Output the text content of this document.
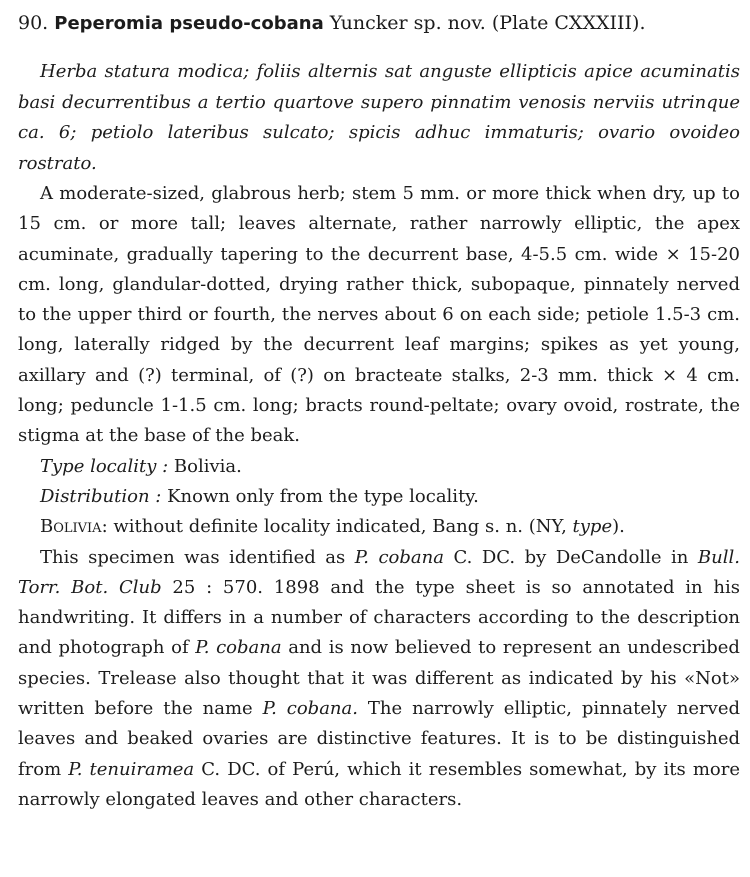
90. Peperomia pseudo-cobana Yuncker sp. nov. (Plate CXXXIII).

Herba statura modica; foliis alternis sat anguste ellipticis apice acuminatis basi decurrentibus a tertio quartove supero pinnatim venosis nerviis utrinque ca. 6; petiolo lateribus sulcato; spicis adhuc immaturis; ovario ovoideo rostrato.

A moderate-sized, glabrous herb; stem 5 mm. or more thick when dry, up to 15 cm. or more tall; leaves alternate, rather narrowly elliptic, the apex acuminate, gradually tapering to the decurrent base, 4-5.5 cm. wide × 15-20 cm. long, glandular-dotted, drying rather thick, subopaque, pinnately nerved to the upper third or fourth, the nerves about 6 on each side; petiole 1.5-3 cm. long, laterally ridged by the decurrent leaf margins; spikes as yet young, axillary and (?) terminal, of (?) on bracteate stalks, 2-3 mm. thick × 4 cm. long; peduncle 1-1.5 cm. long; bracts round-peltate; ovary ovoid, rostrate, the stigma at the base of the beak.

Type locality : Bolivia.

Distribution : Known only from the type locality.

Bolivia: without definite locality indicated, Bang s. n. (NY, type).

This specimen was identified as P. cobana C. DC. by DeCandolle in Bull. Torr. Bot. Club 25 : 570. 1898 and the type sheet is so annotated in his handwriting. It differs in a number of characters according to the description and photograph of P. cobana and is now believed to represent an undescribed species. Trelease also thought that it was different as indicated by his «Not» written before the name P. cobana. The narrowly elliptic, pinnately nerved leaves and beaked ovaries are distinctive features. It is to be distinguished from P. tenuiramea C. DC. of Perú, which it resembles somewhat, by its more narrowly elongated leaves and other characters.
